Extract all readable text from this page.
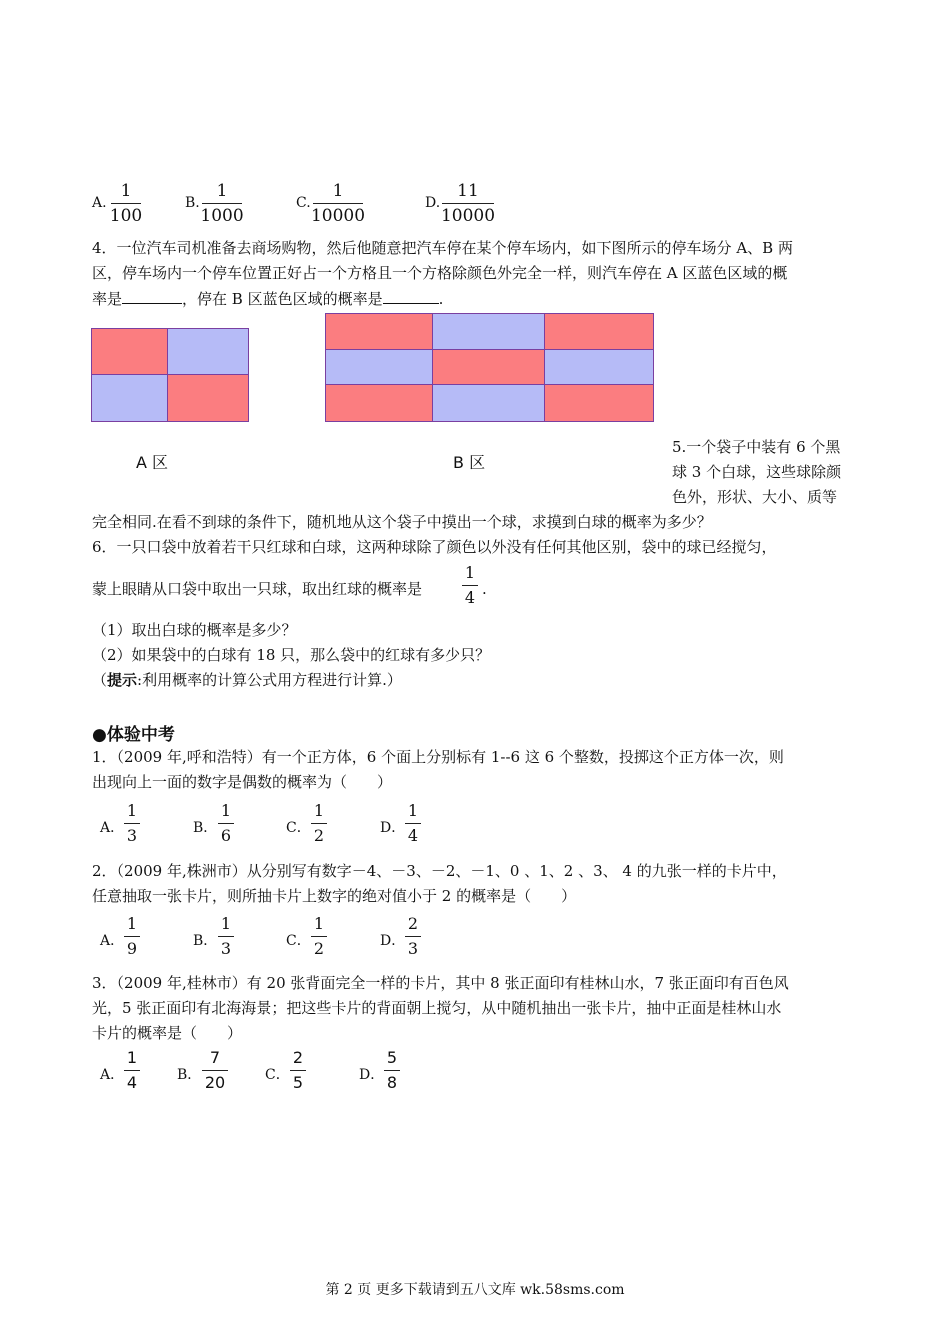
A.
1
100
B.
1
1000
C.
1
10000
D.
11
10000
4．一位汽车司机准备去商场购物，然后他随意把汽车停在某个停车场内，如下图所示的停车场分 A、B 两
区，停车场内一个停车位置正好占一个方格且一个方格除颜色外完全一样，则汽车停在 A 区蓝色区域的概
率是	，停在 B 区蓝色区域的概率是	.
A 区	B 区
5.一个袋子中装有 6 个黑
球 3 个白球，这些球除颜
色外，形状、大小、质等
完全相同.在看不到球的条件下，随机地从这个袋子中摸出一个球，求摸到白球的概率为多少？
6．一只口袋中放着若干只红球和白球，这两种球除了颜色以外没有任何其他区别，袋中的球已经搅匀，
蒙上眼睛从口袋中取出一只球，取出红球的概率是
1
4 .
（1）取出白球的概率是多少？
（2）如果袋中的白球有 18 只，那么袋中的红球有多少只？
（提示:利用概率的计算公式用方程进行计算.）
●体验中考
1．（2009 年,呼和浩特）有一个正方体，6 个面上分别标有 1--6 这 6 个整数，投掷这个正方体一次，则
出现向上一面的数字是偶数的概率为（　　）
A．
1
3	B．
1
6	C．
1
2	D．
1
4
2．（2009 年,株洲市）从分别写有数字－4、－3、－2、－1、0 、1、2 、3、 4 的九张一样的卡片中，
任意抽取一张卡片，则所抽卡片上数字的绝对值小于 2 的概率是（　　）
A．
1
9	B．
1
3	C．
1
2	D．
2
3
3．（2009 年,桂林市）有 20 张背面完全一样的卡片，其中 8 张正面印有桂林山水，7 张正面印有百色风
光，5 张正面印有北海海景；把这些卡片的背面朝上搅匀，从中随机抽出一张卡片，抽中正面是桂林山水
卡片的概率是（　　）
A．
1
4	B．
7
20	C．
2
5	D．
5
8
第 2 页 更多下载请到五八文库 wk.58sms.com
